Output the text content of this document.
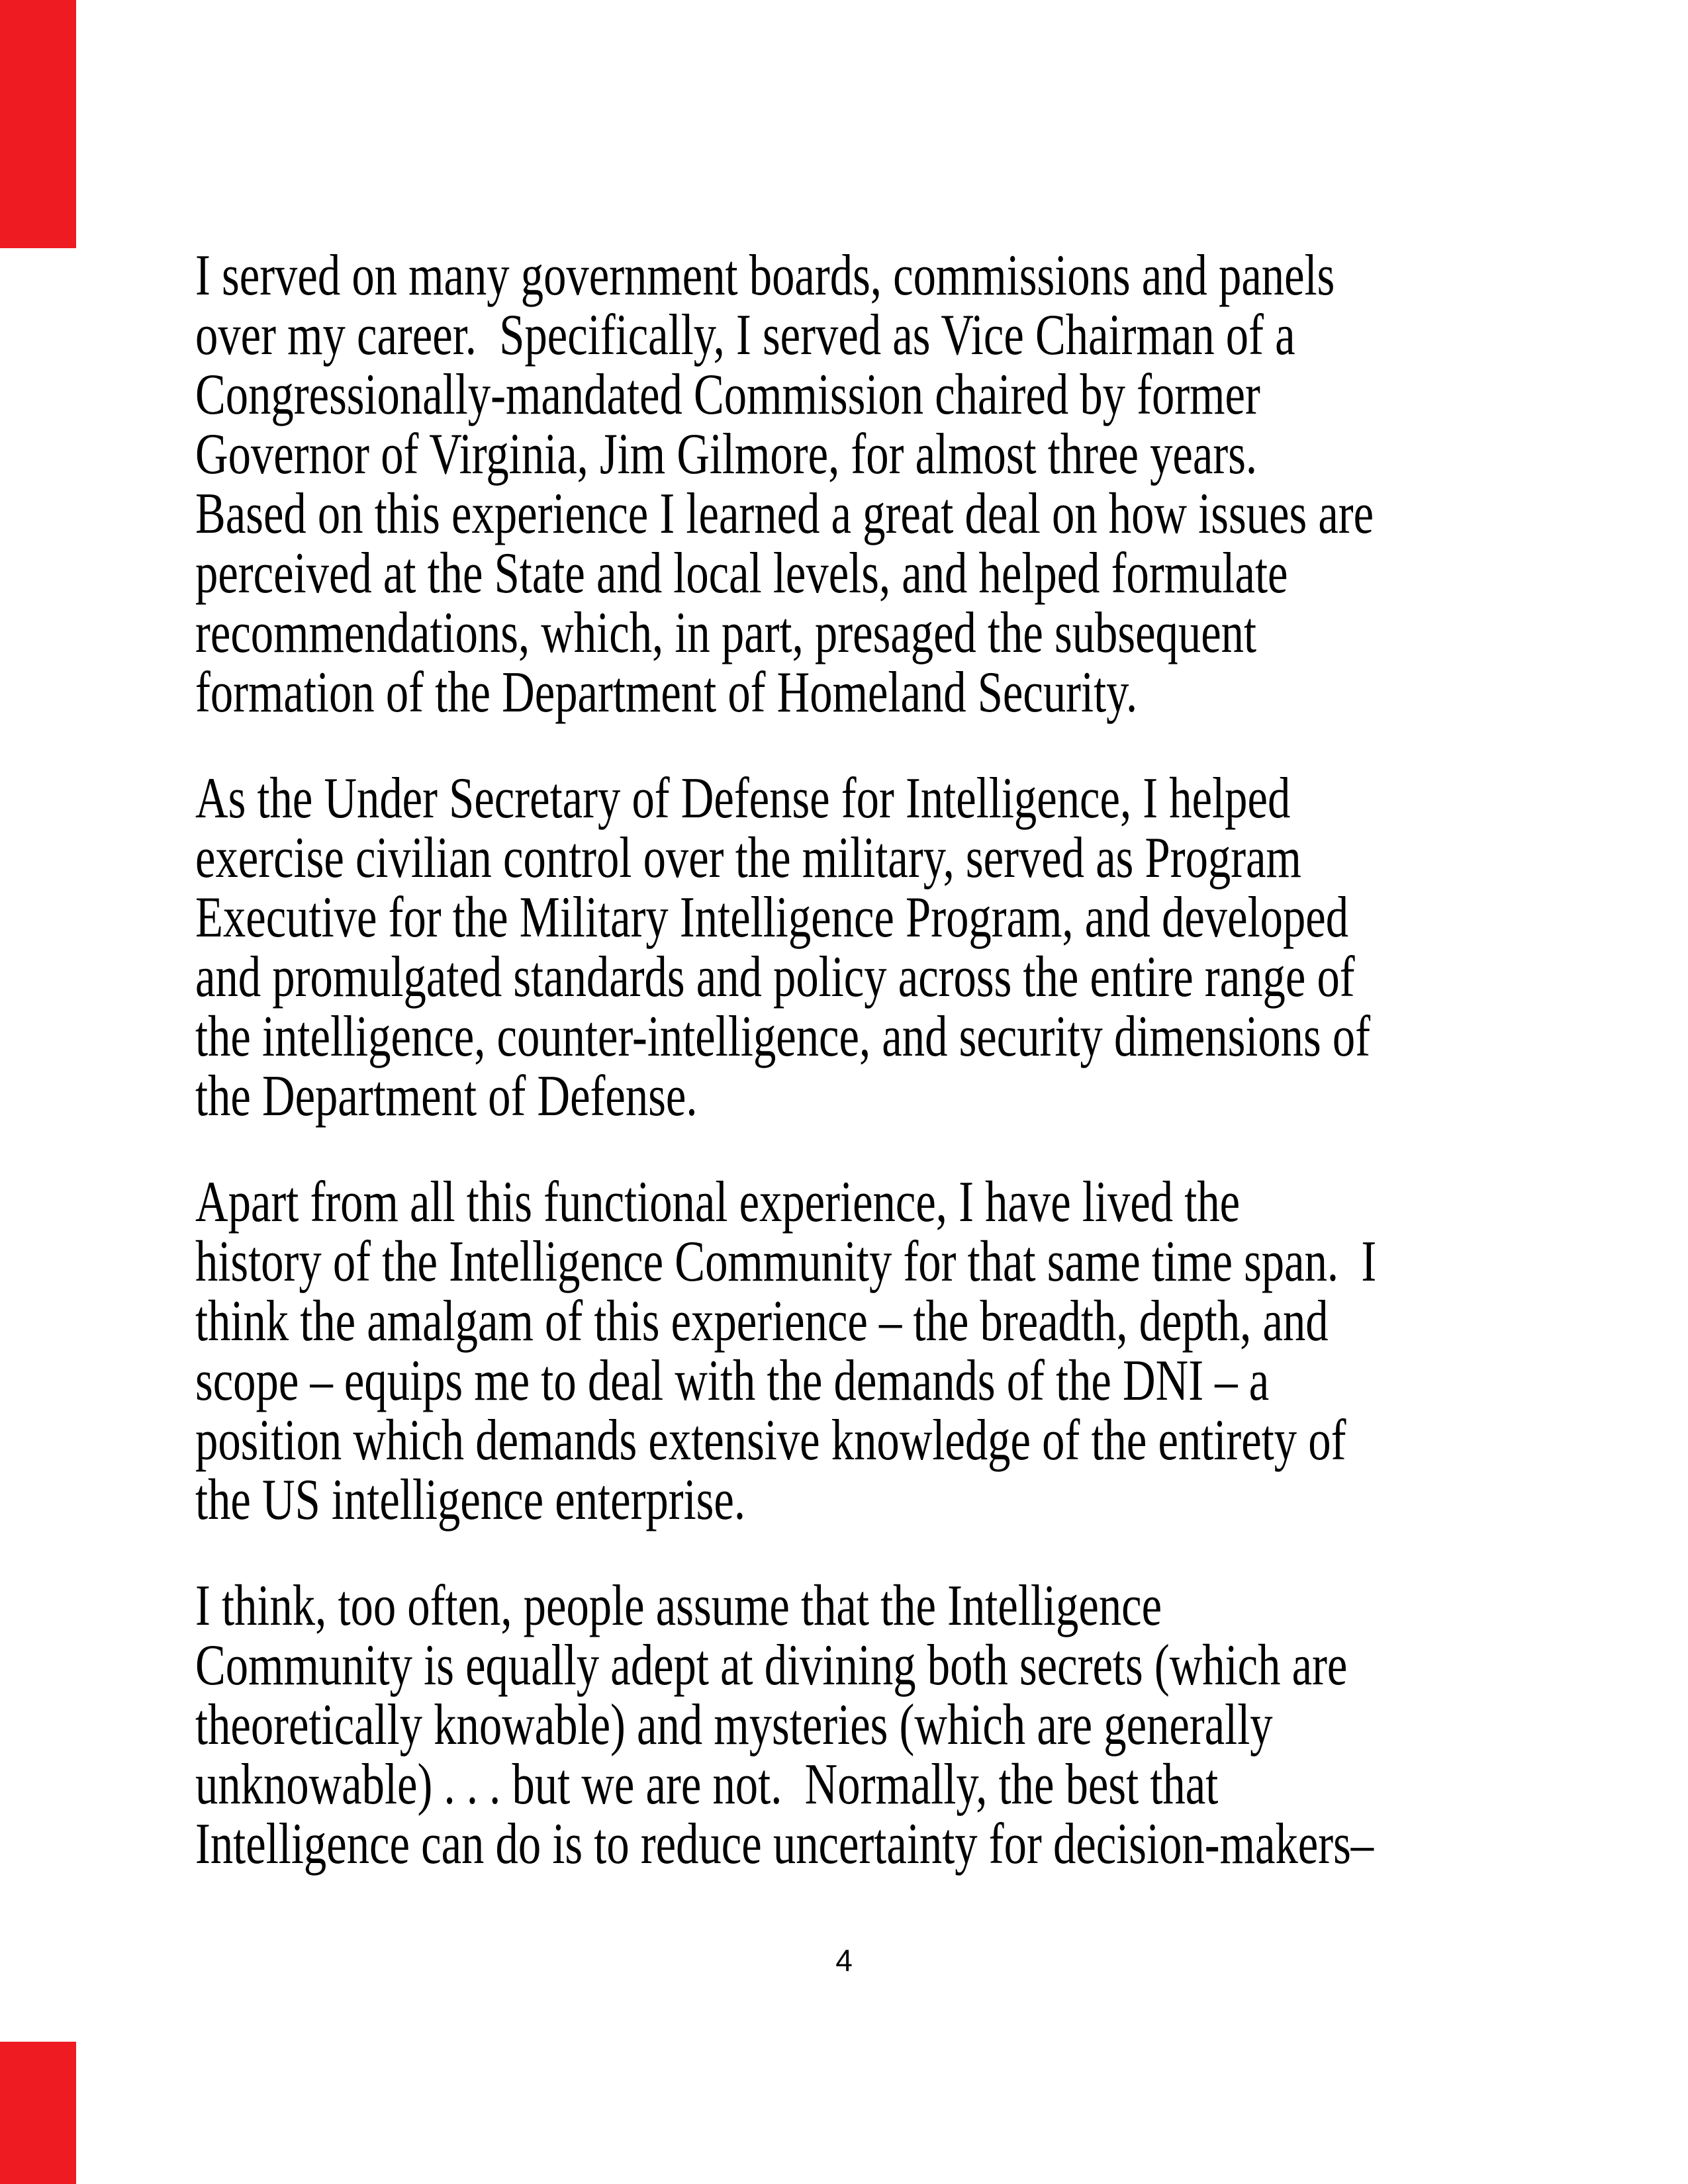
I served on many government boards, commissions and panels
over my career.  Specifically, I served as Vice Chairman of a
Congressionally-mandated Commission chaired by former
Governor of Virginia, Jim Gilmore, for almost three years.
Based on this experience I learned a great deal on how issues are
perceived at the State and local levels, and helped formulate
recommendations, which, in part, presaged the subsequent
formation of the Department of Homeland Security.
As the Under Secretary of Defense for Intelligence, I helped
exercise civilian control over the military, served as Program
Executive for the Military Intelligence Program, and developed
and promulgated standards and policy across the entire range of
the intelligence, counter-intelligence, and security dimensions of
the Department of Defense.
Apart from all this functional experience, I have lived the
history of the Intelligence Community for that same time span.  I
think the amalgam of this experience – the breadth, depth, and
scope – equips me to deal with the demands of the DNI – a
position which demands extensive knowledge of the entirety of
the US intelligence enterprise.
I think, too often, people assume that the Intelligence
Community is equally adept at divining both secrets (which are
theoretically knowable) and mysteries (which are generally
unknowable) . . . but we are not.  Normally, the best that
Intelligence can do is to reduce uncertainty for decision-makers–
4
